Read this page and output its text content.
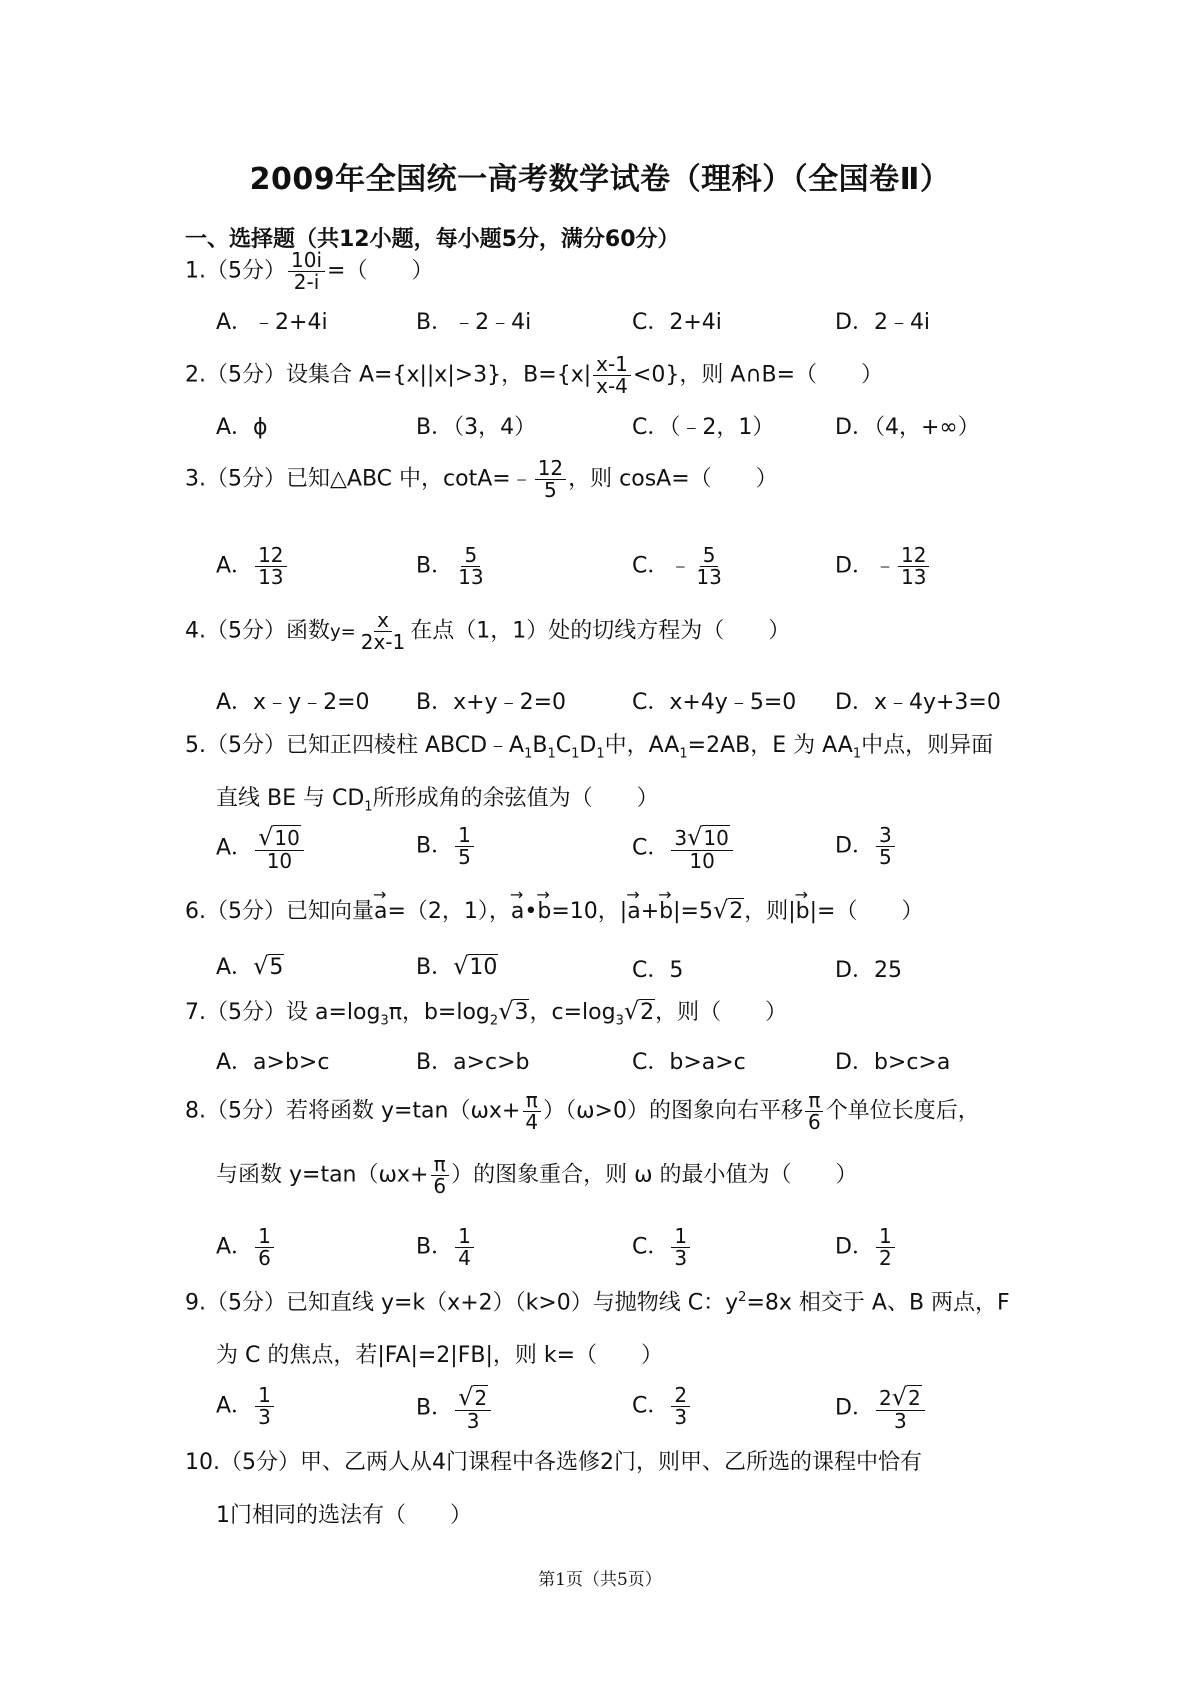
2009年全国统一高考数学试卷（理科）（全国卷Ⅱ）
一、选择题（共12小题，每小题5分，满分60分）
1.（5分） $\frac{10i}{2-i}$ =（　　）
A．﹣2+4i	B．﹣2﹣4i	C．2+4i	D．2﹣4i
2.（5分）设集合 A={x||x|>3}，$B=\{x| \frac{x-1}{x-4} <0\}$，则 A∩B=（　　）
A．ϕ	B．（3，4）	C．（﹣2，1）	D．（4，+∞）
3.（5分）已知△ABC 中，cotA=﹣ $\frac{12}{5}$ ，则 cosA=（　　）
A． $\frac{12}{13}$	B． $\frac{5}{13}$	C．﹣ $\frac{5}{13}$	D．﹣ $\frac{12}{13}$
4.（5分）函数$y= \frac{x}{2x-1}$ 在点（1，1）处的切线方程为（　　）
A．x﹣y﹣2=0 B．x+y﹣2=0	C．x+4y﹣5=0 D．x﹣4y+3=0
5.（5分）已知正四棱柱 $ABCD﹣A_1B_1C_1D_1$中，$AA_1=2AB$，E 为 $AA_1$中点，则异面
直线 BE 与 $CD_1$所形成角的余弦值为（　　）
A． $\frac{√10}{10}$	B． $\frac{1}{5}$	C． $\frac{3√10}{10}$	D． $\frac{3}{5}$
6.（5分）已知向量→ a=（2，1），→ a•→ b=10，|→ a+→ b|=5√2，则|→ b|=（　　）
A．√5	B．√10	C．5	D．25
7.（5分）设 $a=\log_3\pi$，$b=\log_2√3$，$c=\log_3√2$，则（　　）
A．a>b>c	B．a>c>b	C．b>a>c	D．b>c>a
8.（5分）若将函数 $y=\tan(\omega x+ \frac{\pi}{4} )(\omega>0)$的图象向右平移 $\frac{\pi}{6}$ 个单位长度后，
与函数 $y=\tan(\omega x+ \frac{\pi}{6}$ ）的图象重合，则 ω 的最小值为（　　）
A． $\frac{1}{6}$	B． $\frac{1}{4}$	C． $\frac{1}{3}$	D． $\frac{1}{2}$
9.（5分）已知直线 y=k（x+2）（k>0）与抛物线 C：$y^2=8x$ 相交于 A、B 两点，F
为 C 的焦点，若|FA|=2|FB|，则 k=（　　）
A． $\frac{1}{3}$	B． $\frac{√2}{3}$	C． $\frac{2}{3}$	D． $\frac{2√2}{3}$
10.（5分）甲、乙两人从4门课程中各选修2门，则甲、乙所选的课程中恰有
1门相同的选法有（　　）
第1页（共5页）
